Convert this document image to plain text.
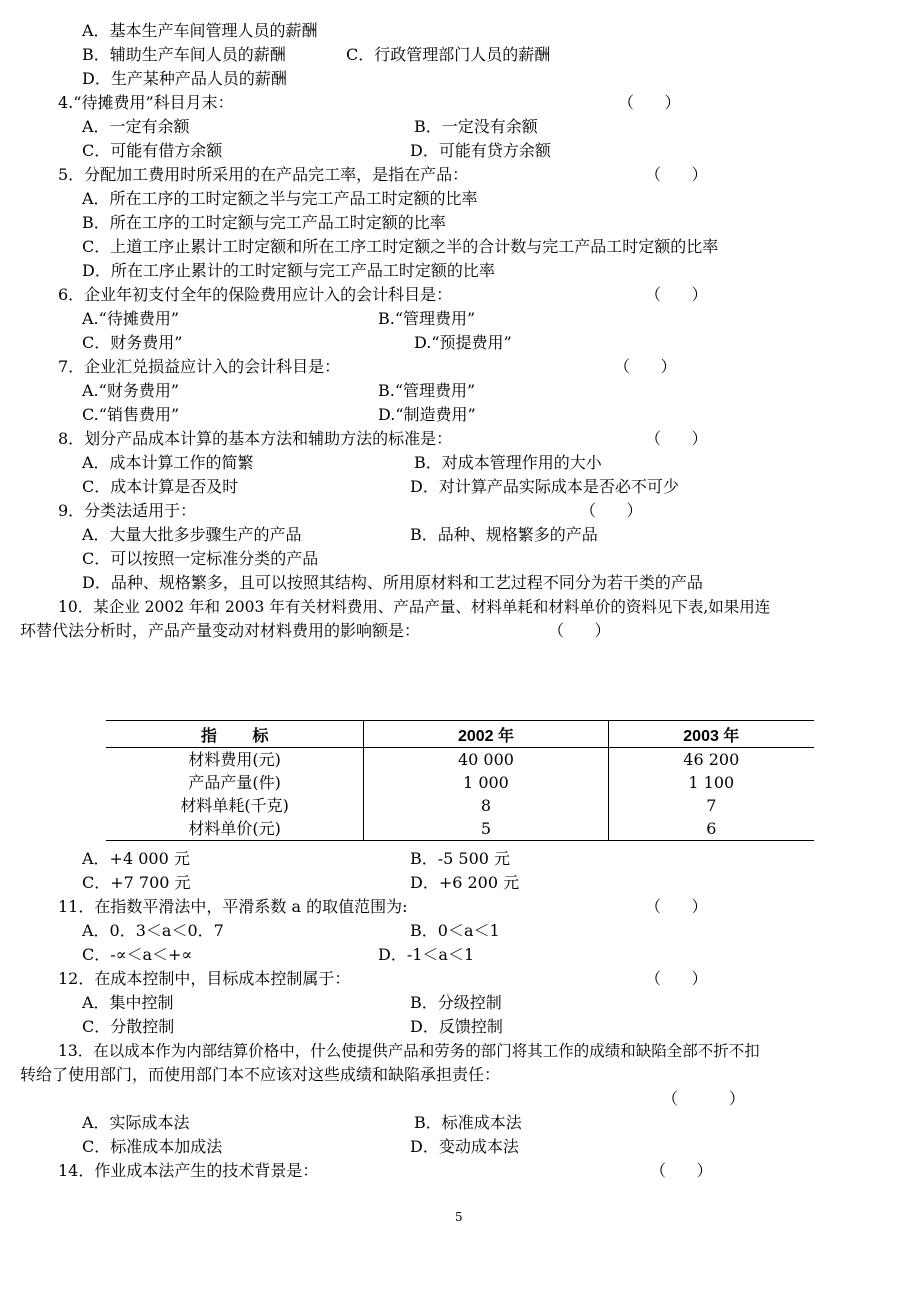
A．基本生产车间管理人员的薪酬
B．辅助生产车间人员的薪酬	C．行政管理部门人员的薪酬
D．生产某种产品人员的薪酬
4.“待摊费用”科目月末：	（      ）
A．一定有余额	B．一定没有余额
C．可能有借方余额	D．可能有贷方余额
5．分配加工费用时所采用的在产品完工率，是指在产品：	（      ）
A．所在工序的工时定额之半与完工产品工时定额的比率
B．所在工序的工时定额与完工产品工时定额的比率
C．上道工序止累计工时定额和所在工序工时定额之半的合计数与完工产品工时定额的比率
D．所在工序止累计的工时定额与完工产品工时定额的比率
6．企业年初支付全年的保险费用应计入的会计科目是：	（      ）
A.“待摊费用”	B.“管理费用”
C．财务费用”	D.“预提费用”
7．企业汇兑损益应计入的会计科目是：	（      ）
A.“财务费用”	B.“管理费用”
C.“销售费用”	D.“制造费用”
8．划分产品成本计算的基本方法和辅助方法的标准是：	（      ）
A．成本计算工作的简繁	B．对成本管理作用的大小
C．成本计算是否及时	D．对计算产品实际成本是否必不可少
9．分类法适用于：	（      ）
A．大量大批多步骤生产的产品	B．品种、规格繁多的产品
C．可以按照一定标准分类的产品
D．品种、规格繁多，且可以按照其结构、所用原材料和工艺过程不同分为若干类的产品
10．某企业 2002 年和 2003 年有关材料费用、产品产量、材料单耗和材料单价的资料见下表,如果用连
环替代法分析时，产品产量变动对材料费用的影响额是：	（      ）
指        标	2002 年	2003 年
材料费用(元)	40 000	46 200
产品产量(件)	1 000	1 100
材料单耗(千克)	8	7
材料单价(元)	5	6
A．+4 000 元	B．-5 500 元
C．+7 700 元	D．+6 200 元
11．在指数平滑法中，平滑系数 a 的取值范围为:	（      ）
A．0．3＜a＜0．7	B．0＜a＜1
C．-∝＜a＜+∝	D．-1＜a＜1
12．在成本控制中，目标成本控制属于：	（      ）
A．集中控制	B．分级控制
C．分散控制	D．反馈控制
13．在以成本作为内部结算价格中，什么使提供产品和劳务的部门将其工作的成绩和缺陷全部不折不扣
转给了使用部门，而使用部门本不应该对这些成绩和缺陷承担责任：
（          ）
A．实际成本法	B．标准成本法
C．标准成本加成法	D．变动成本法
14．作业成本法产生的技术背景是：	（      ）
5
